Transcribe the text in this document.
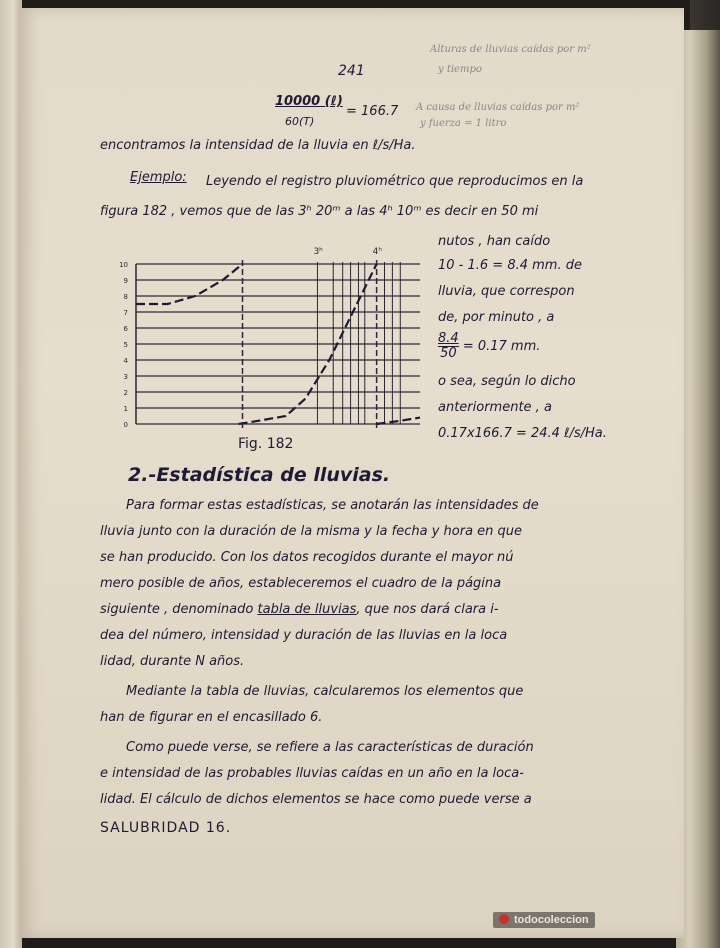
241
Alturas de lluvias caídas por m²
y tiempo
A causa de lluvias caídas por m²
y fuerza = 1 litro
10000 (ℓ)
60(T)
= 166.7
encontramos la intensidad de la lluvia en ℓ/s/Ha.
Ejemplo: Leyendo el registro pluviométrico que reproducimos en la
figura 182 , vemos que de las 3ʰ 20ᵐ a las 4ʰ 10ᵐ es decir en 50 mi
10
9
8
7
6
5
4
3
2
1
0
3ʰ	4ʰ
Fig. 182
nutos , han caído
10 - 1.6 = 8.4 mm. de
lluvia, que correspon
de, por minuto , a
$\frac{8.4}{50} = 0.17$ mm.
o sea, según lo dicho
anteriormente , a
0.17x166.7 = 24.4 ℓ/s/Ha.
2.-Estadística de lluvias.
Para formar estas estadísticas, se anotarán las intensidades de
lluvia junto con la duración de la misma y la fecha y hora en que
se han producido. Con los datos recogidos durante el mayor nú
mero posible de años, estableceremos el cuadro de la página
siguiente , denominado tabla de lluvias, que nos dará clara i-
dea del número, intensidad y duración de las lluvias en la loca
lidad, durante N años.
Mediante la tabla de lluvias, calcularemos los elementos que
han de figurar en el encasillado 6.
Como puede verse, se refiere a las características de duración
e intensidad de las probables lluvias caídas en un año en la loca-
lidad. El cálculo de dichos elementos se hace como puede verse a
SALUBRIDAD 16.
todocoleccion
